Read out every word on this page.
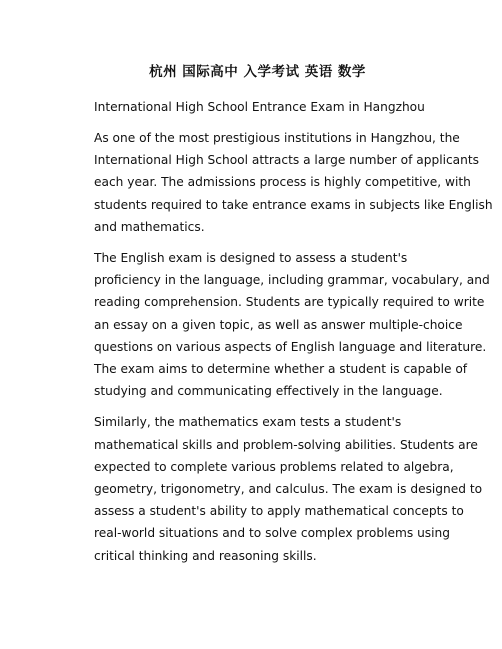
杭州 国际高中 入学考试 英语 数学
International High School Entrance Exam in Hangzhou
As one of the most prestigious institutions in Hangzhou, the
International High School attracts a large number of applicants
each year. The admissions process is highly competitive, with
students required to take entrance exams in subjects like English
and mathematics.
The English exam is designed to assess a student's
proficiency in the language, including grammar, vocabulary, and
reading comprehension. Students are typically required to write
an essay on a given topic, as well as answer multiple-choice
questions on various aspects of English language and literature.
The exam aims to determine whether a student is capable of
studying and communicating effectively in the language.
Similarly, the mathematics exam tests a student's
mathematical skills and problem-solving abilities. Students are
expected to complete various problems related to algebra,
geometry, trigonometry, and calculus. The exam is designed to
assess a student's ability to apply mathematical concepts to
real-world situations and to solve complex problems using
critical thinking and reasoning skills.
